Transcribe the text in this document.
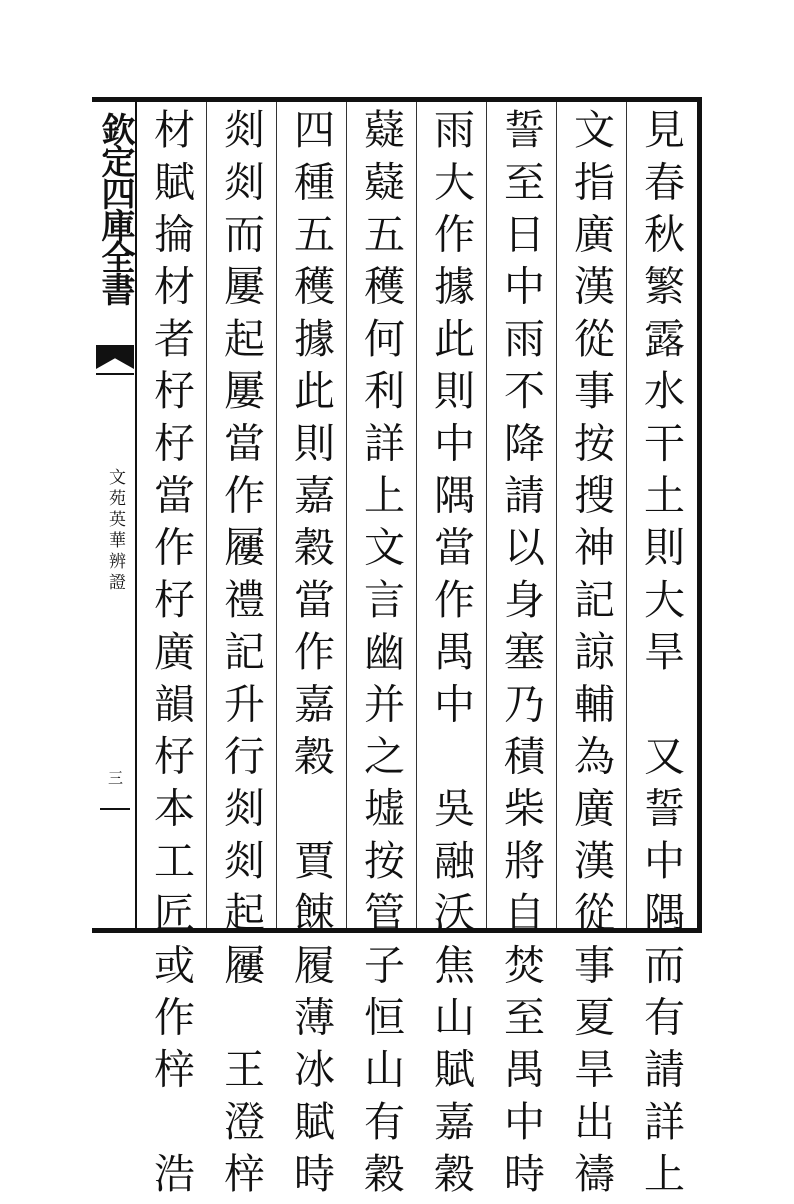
欽定四庫全書
文苑英華辨證
三	見春秋繁露水干土則大旱　又誓中隅而有請詳上
文指廣漢從事按搜神記諒輔為廣漢從事夏旱出禱
誓至日中雨不降請以身塞乃積柴將自焚至禺中時
雨大作據此則中隅當作禺中　吳融沃焦山賦嘉穀
薿薿五穫何利詳上文言幽并之墟按管子恒山有穀
四種五穫據此則嘉穀當作嘉穀　賈餗履薄冰賦時
剡剡而屢起屢當作屨禮記升行剡剡起屨　王澄梓
材賦掄材者杍杍當作杍廣韻杍本工匠或作梓　浩
